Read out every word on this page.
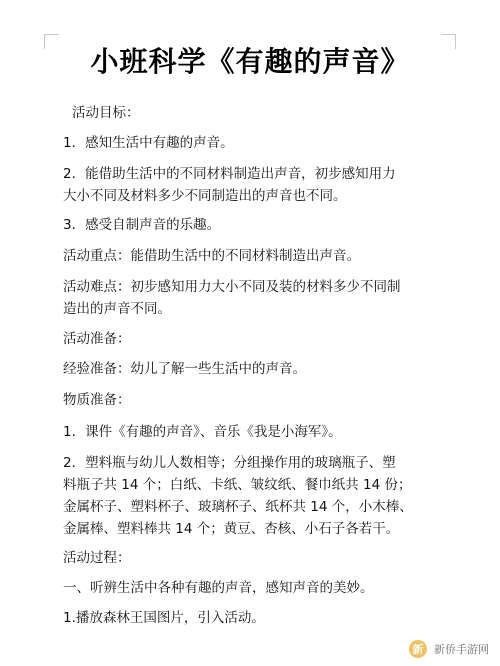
小班科学《有趣的声音》
活动目标：
1．感知生活中有趣的声音。
2．能借助生活中的不同材料制造出声音，初步感知用力
大小不同及材料多少不同制造出的声音也不同。
3．感受自制声音的乐趣。
活动重点：能借助生活中的不同材料制造出声音。
活动难点：初步感知用力大小不同及装的材料多少不同制
造出的声音不同。
活动准备：
经验准备：幼儿了解一些生活中的声音。
物质准备：
1．课件《有趣的声音》、音乐《我是小海军》。
2．塑料瓶与幼儿人数相等；分组操作用的玻璃瓶子、塑
料瓶子共 14 个；白纸、卡纸、皱纹纸、餐巾纸共 14 份；
金属杯子、塑料杯子、玻璃杯子、纸杯共 14 个，小木棒、
金属棒、塑料棒共 14 个；黄豆、杏核、小石子各若干。
活动过程：
一、听辨生活中各种有趣的声音，感知声音的美妙。
1.播放森林王国图片，引入活动。
新 新侨手游网
